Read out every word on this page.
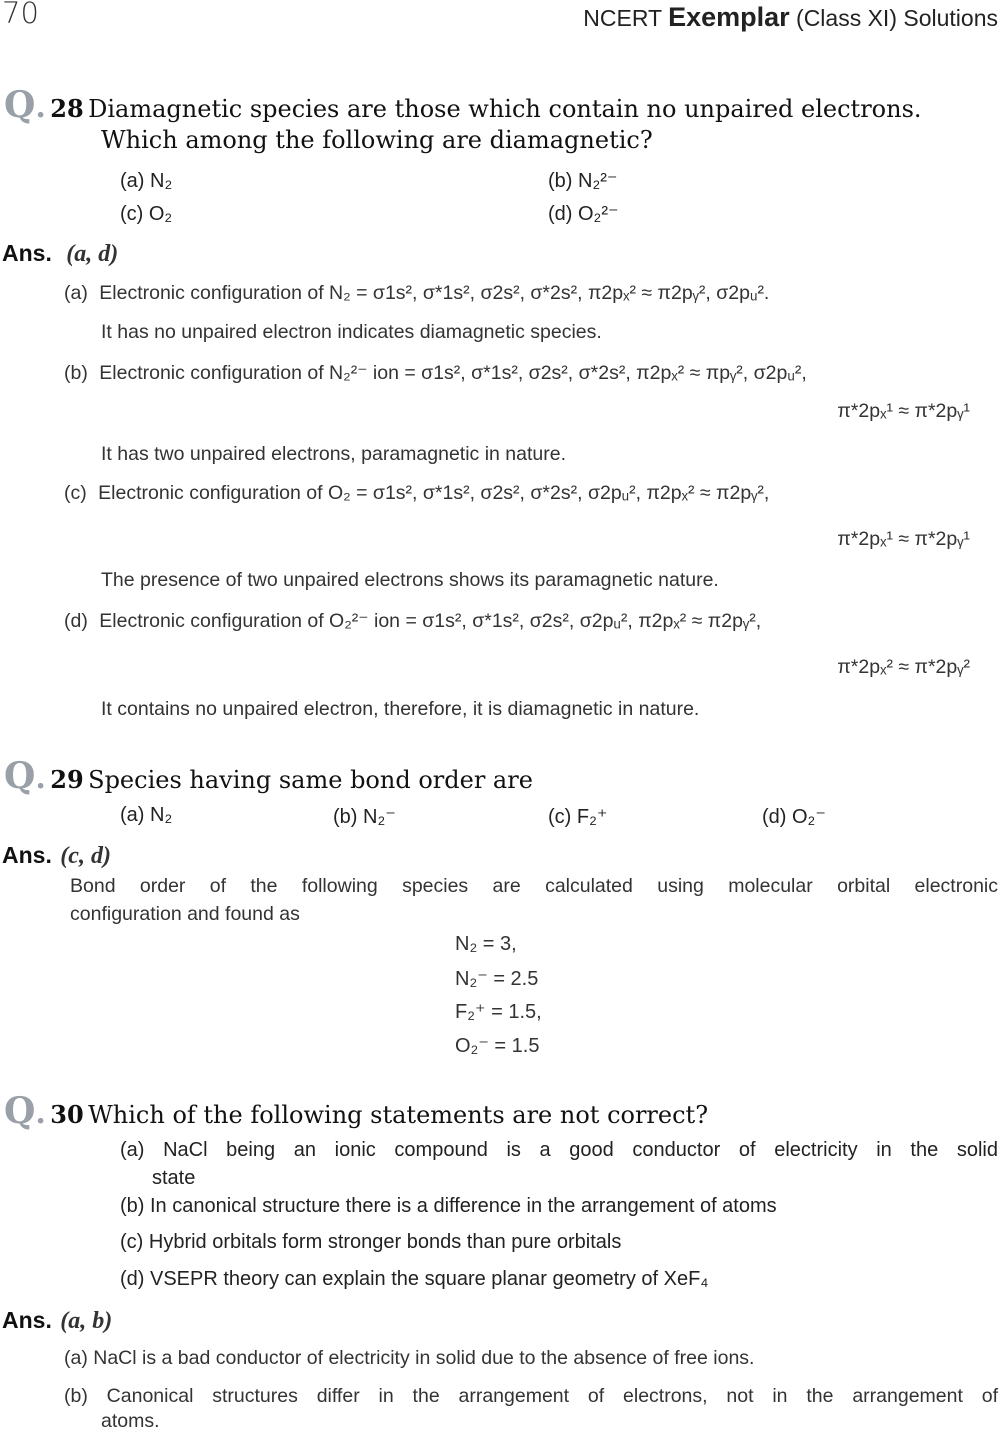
70	NCERT Exemplar (Class XI) Solutions
Q. 28 Diamagnetic species are those which contain no unpaired electrons.
Which among the following are diamagnetic?
(a) N₂	(b) N₂²⁻
(c) O₂	(d) O₂²⁻
Ans. (a, d)
(a) Electronic configuration of N₂ = σ1s², σ*1s², σ2s², σ*2s², π2pₓ² ≈ π2pᵧ², σ2pᵤ².
It has no unpaired electron indicates diamagnetic species.
(b) Electronic configuration of N₂²⁻ ion = σ1s², σ*1s², σ2s², σ*2s², π2pₓ² ≈ πpᵧ², σ2pᵤ²,
π*2pₓ¹ ≈ π*2pᵧ¹
It has two unpaired electrons, paramagnetic in nature.
(c) Electronic configuration of O₂ = σ1s², σ*1s², σ2s², σ*2s², σ2pᵤ², π2pₓ² ≈ π2pᵧ²,
π*2pₓ¹ ≈ π*2pᵧ¹
The presence of two unpaired electrons shows its paramagnetic nature.
(d) Electronic configuration of O₂²⁻ ion = σ1s², σ*1s², σ2s², σ2pᵤ², π2pₓ² ≈ π2pᵧ²,
π*2pₓ² ≈ π*2pᵧ²
It contains no unpaired electron, therefore, it is diamagnetic in nature.
Q. 29 Species having same bond order are
(a) N₂	(b) N₂⁻	(c) F₂⁺	(d) O₂⁻
Ans. (c, d)
Bond order of the following species are calculated using molecular orbital electronic
configuration and found as
N₂ = 3,
N₂⁻ = 2.5
F₂⁺ = 1.5,
O₂⁻ = 1.5
Q. 30 Which of the following statements are not correct?
(a) NaCl being an ionic compound is a good conductor of electricity in the solid
state
(b) In canonical structure there is a difference in the arrangement of atoms
(c) Hybrid orbitals form stronger bonds than pure orbitals
(d) VSEPR theory can explain the square planar geometry of XeF₄
Ans. (a, b)
(a) NaCl is a bad conductor of electricity in solid due to the absence of free ions.
(b) Canonical structures differ in the arrangement of electrons, not in the arrangement of
atoms.
